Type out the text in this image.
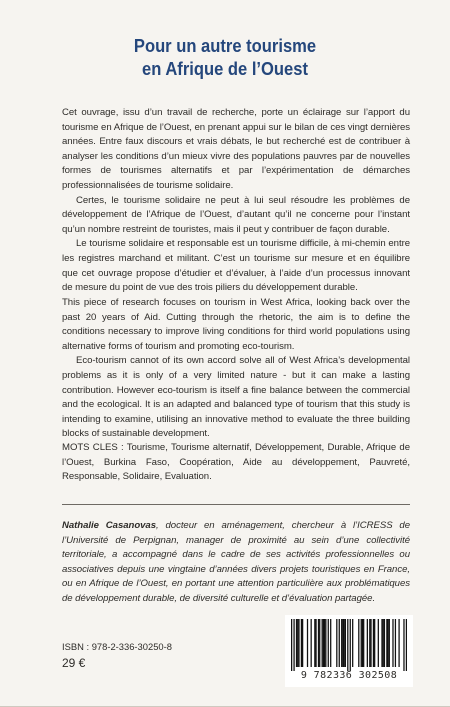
Pour un autre tourisme
en Afrique de l’Ouest

Cet ouvrage, issu d’un travail de recherche, porte un éclairage sur l’apport du tourisme en Afrique de l’Ouest, en prenant appui sur le bilan de ces vingt dernières années. Entre faux discours et vrais débats, le but recherché est de contribuer à analyser les conditions d’un mieux vivre des populations pauvres par de nouvelles formes de tourismes alternatifs et par l’expérimentation de démarches professionnalisées de tourisme solidaire.

Certes, le tourisme solidaire ne peut à lui seul résoudre les problèmes de développement de l’Afrique de l’Ouest, d’autant qu’il ne concerne pour l’instant qu’un nombre restreint de touristes, mais il peut y contribuer de façon durable.

Le tourisme solidaire et responsable est un tourisme difficile, à mi-chemin entre les registres marchand et militant. C’est un tourisme sur mesure et en équilibre que cet ouvrage propose d’étudier et d’évaluer, à l’aide d’un processus innovant de mesure du point de vue des trois piliers du développement durable.

This piece of research focuses on tourism in West Africa, looking back over the past 20 years of Aid. Cutting through the rhetoric, the aim is to define the conditions necessary to improve living conditions for third world populations using alternative forms of tourism and promoting eco-tourism.

Eco-tourism cannot of its own accord solve all of West Africa’s developmental problems as it is only of a very limited nature - but it can make a lasting contribution. However eco-tourism is itself a fine balance between the commercial and the ecological. It is an adapted and balanced type of tourism that this study is intending to examine, utilising an innovative method to evaluate the three building blocks of sustainable development.

MOTS CLES : Tourisme, Tourisme alternatif, Développement, Durable, Afrique de l’Ouest, Burkina Faso, Coopération, Aide au développement, Pauvreté, Responsable, Solidaire, Evaluation.

Nathalie Casanovas, docteur en aménagement, chercheur à l’ICRESS de l’Université de Perpignan, manager de proximité au sein d’une collectivité territoriale, a accompagné dans le cadre de ses activités professionnelles ou associatives depuis une vingtaine d’années divers projets touristiques en France, ou en Afrique de l’Ouest, en portant une attention particulière aux problématiques de développement durable, de diversité culturelle et d’évaluation partagée.

ISBN : 978-2-336-30250-8
29 €
9 782336 302508
